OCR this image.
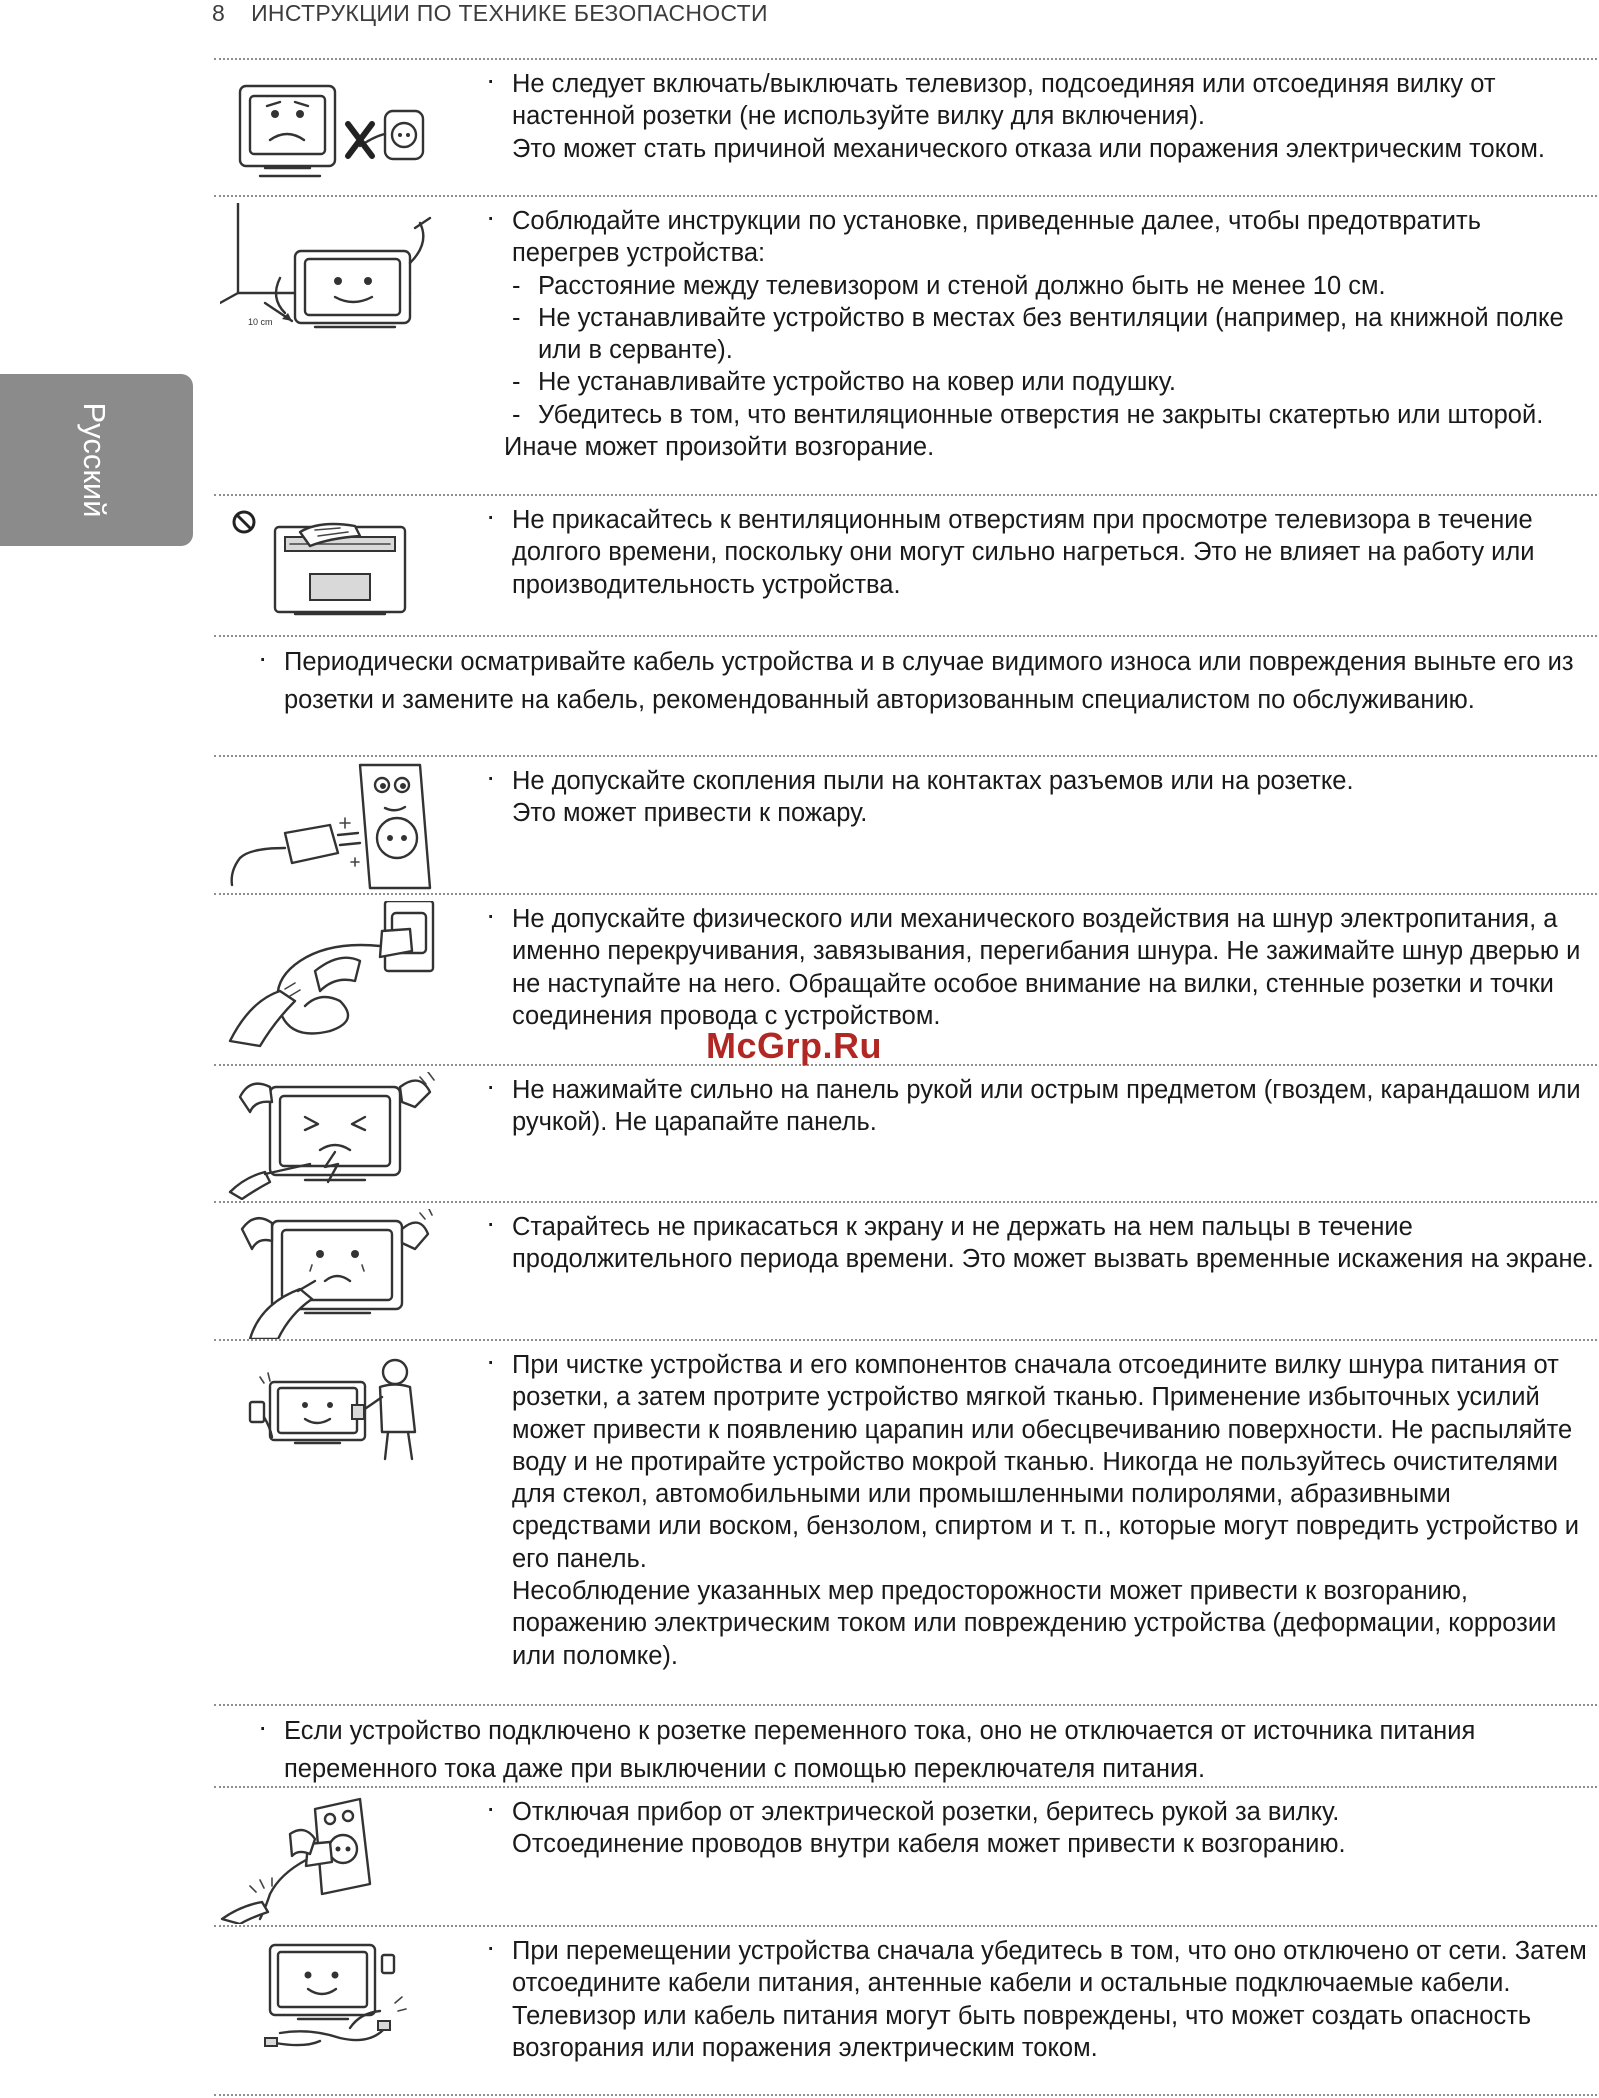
8 ИНСТРУКЦИИ ПО ТЕХНИКЕ БЕЗОПАСНОСТИ
Русский

· Не следует включать/выключать телевизор, подсоединяя или отсоединяя вилку от настенной розетки (не используйте вилку для включения).

Это может стать причиной механического отказа или поражения электрическим током.

10 cm

· Соблюдайте инструкции по установке, приведенные далее, чтобы предотвратить перегрев устройства:

- Расстояние между телевизором и стеной должно быть не менее 10 см.

- Не устанавливайте устройство в местах без вентиляции (например, на книжной полке или в серванте).

- Не устанавливайте устройство на ковер или подушку.

- Убедитесь в том, что вентиляционные отверстия не закрыты скатертью или шторой.

Иначе может произойти возгорание.

· Не прикасайтесь к вентиляционным отверстиям при просмотре телевизора в течение долгого времени, поскольку они могут сильно нагреться. Это не влияет на работу или производительность устройства.

· Периодически осматривайте кабель устройства и в случае видимого износа или повреждения выньте его из розетки и замените на кабель, рекомендованный авторизованным специалистом по обслуживанию.

· Не допускайте скопления пыли на контактах разъемов или на розетке.

Это может привести к пожару.

· Не допускайте физического или механического воздействия на шнур электропитания, а именно перекручивания, завязывания, перегибания шнура. Не зажимайте шнур дверью и не наступайте на него. Обращайте особое внимание на вилки, стенные розетки и точки соединения провода с устройством.

· Не нажимайте сильно на панель рукой или острым предметом (гвоздем, карандашом или ручкой). Не царапайте панель.

· Старайтесь не прикасаться к экрану и не держать на нем пальцы в течение продолжительного периода времени. Это может вызвать временные искажения на экране.

· При чистке устройства и его компонентов сначала отсоедините вилку шнура питания от розетки, а затем протрите устройство мягкой тканью. Применение избыточных усилий может привести к появлению царапин или обесцвечиванию поверхности. Не распыляйте воду и не протирайте устройство мокрой тканью. Никогда не пользуйтесь очистителями для стекол, автомобильными или промышленными полиролями, абразивными средствами или воском, бензолом, спиртом и т. п., которые могут повредить устройство и его панель.

Несоблюдение указанных мер предосторожности может привести к возгоранию, поражению электрическим током или повреждению устройства (деформации, коррозии или поломке).

· Если устройство подключено к розетке переменного тока, оно не отключается от источника питания переменного тока даже при выключении с помощью переключателя питания.

· Отключая прибор от электрической розетки, беритесь рукой за вилку.

Отсоединение проводов внутри кабеля может привести к возгоранию.

· При перемещении устройства сначала убедитесь в том, что оно отключено от сети. Затем отсоедините кабели питания, антенные кабели и остальные подключаемые кабели.

Телевизор или кабель питания могут быть повреждены, что может создать опасность возгорания или поражения электрическим током.

McGrp.Ru
